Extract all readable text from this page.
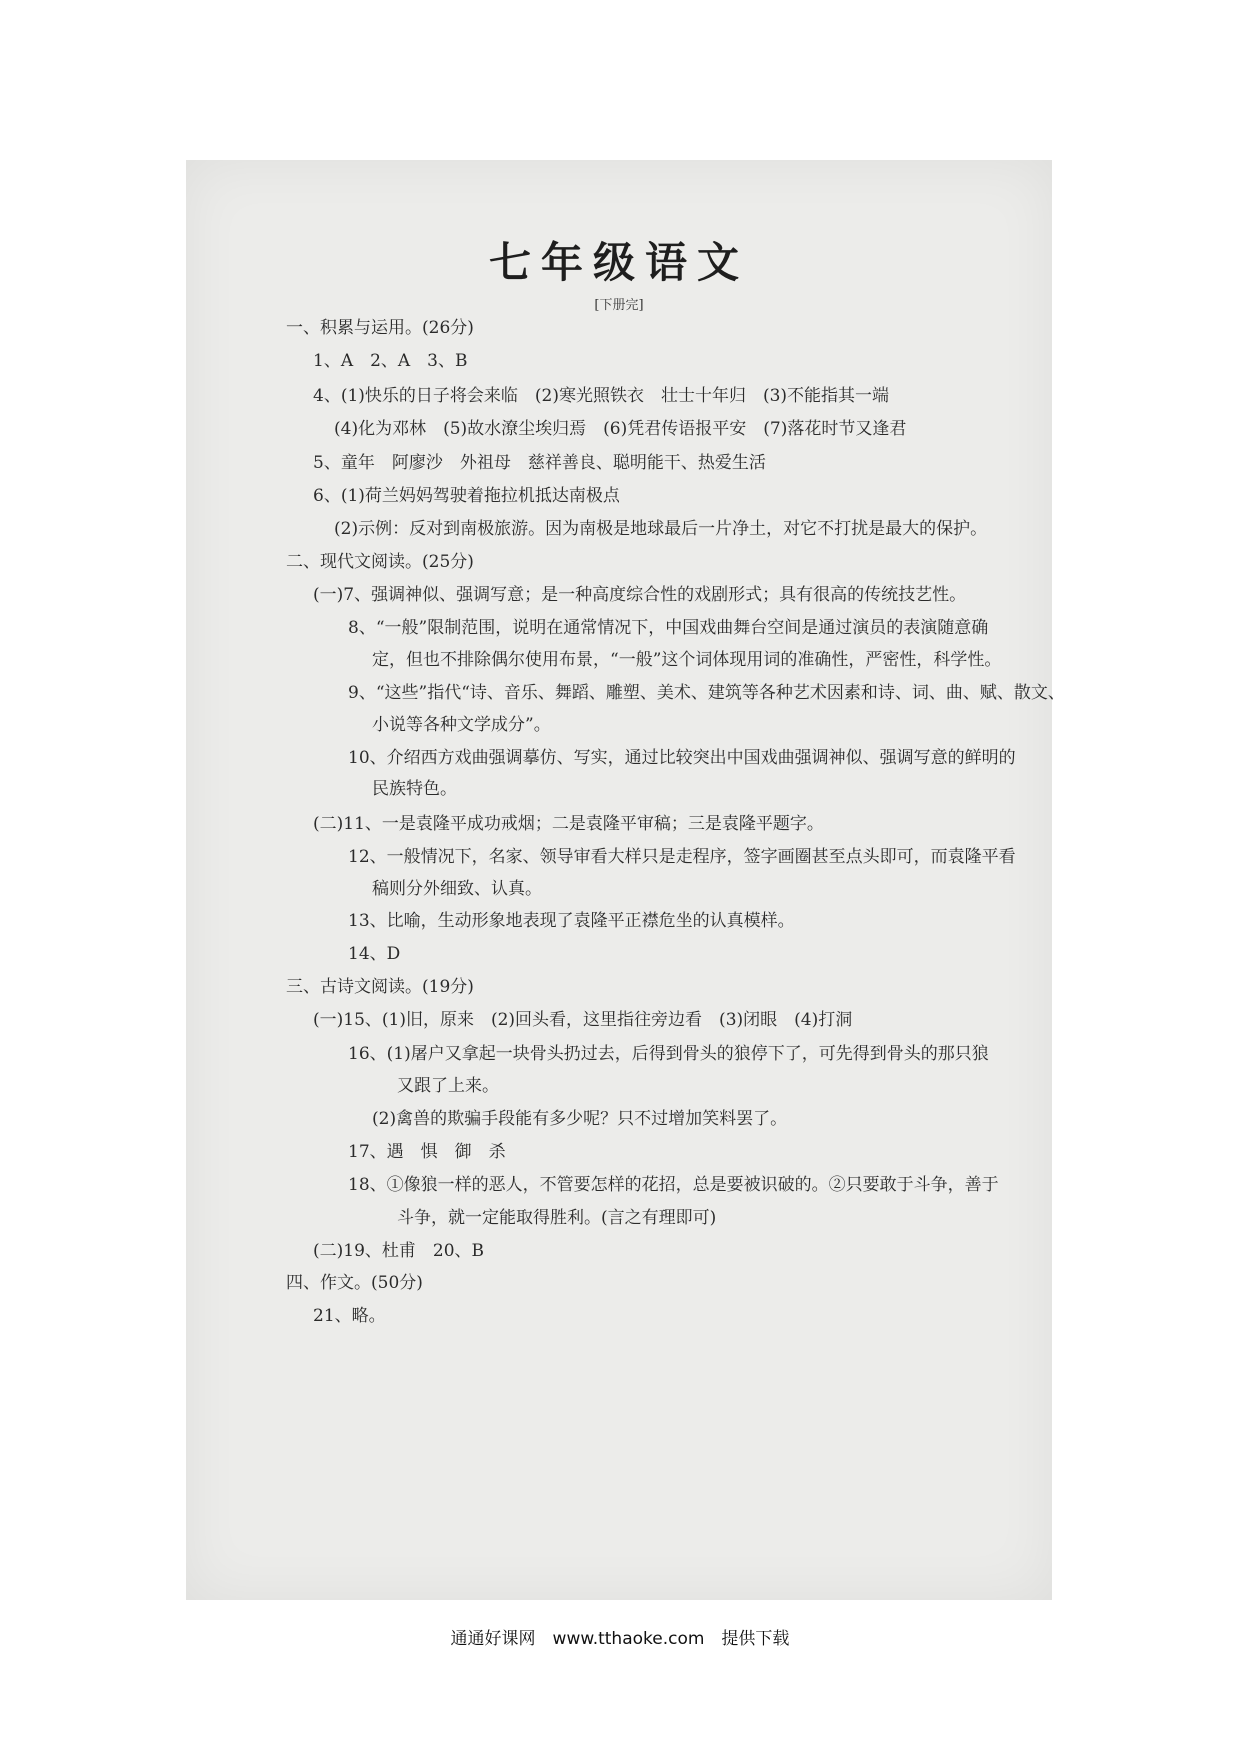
七年级语文
[下册完]
一、积累与运用。(26分)
1、A　2、A　3、B
4、(1)快乐的日子将会来临　(2)寒光照铁衣　壮士十年归　(3)不能指其一端
(4)化为邓林　(5)故水潦尘埃归焉　(6)凭君传语报平安　(7)落花时节又逢君
5、童年　阿廖沙　外祖母　慈祥善良、聪明能干、热爱生活
6、(1)荷兰妈妈驾驶着拖拉机抵达南极点
(2)示例：反对到南极旅游。因为南极是地球最后一片净土，对它不打扰是最大的保护。
二、现代文阅读。(25分)
(一)7、强调神似、强调写意；是一种高度综合性的戏剧形式；具有很高的传统技艺性。
8、“一般”限制范围，说明在通常情况下，中国戏曲舞台空间是通过演员的表演随意确
定，但也不排除偶尔使用布景，“一般”这个词体现用词的准确性，严密性，科学性。
9、“这些”指代“诗、音乐、舞蹈、雕塑、美术、建筑等各种艺术因素和诗、词、曲、赋、散文、
小说等各种文学成分”。
10、介绍西方戏曲强调摹仿、写实，通过比较突出中国戏曲强调神似、强调写意的鲜明的
民族特色。
(二)11、一是袁隆平成功戒烟；二是袁隆平审稿；三是袁隆平题字。
12、一般情况下，名家、领导审看大样只是走程序，签字画圈甚至点头即可，而袁隆平看
稿则分外细致、认真。
13、比喻，生动形象地表现了袁隆平正襟危坐的认真模样。
14、D
三、古诗文阅读。(19分)
(一)15、(1)旧，原来　(2)回头看，这里指往旁边看　(3)闭眼　(4)打洞
16、(1)屠户又拿起一块骨头扔过去，后得到骨头的狼停下了，可先得到骨头的那只狼
又跟了上来。
(2)禽兽的欺骗手段能有多少呢？只不过增加笑料罢了。
17、遇　惧　御　杀
18、①像狼一样的恶人，不管要怎样的花招，总是要被识破的。②只要敢于斗争，善于
斗争，就一定能取得胜利。(言之有理即可)
(二)19、杜甫　20、B
四、作文。(50分)
21、略。
通通好课网　www.tthaoke.com　提供下载
